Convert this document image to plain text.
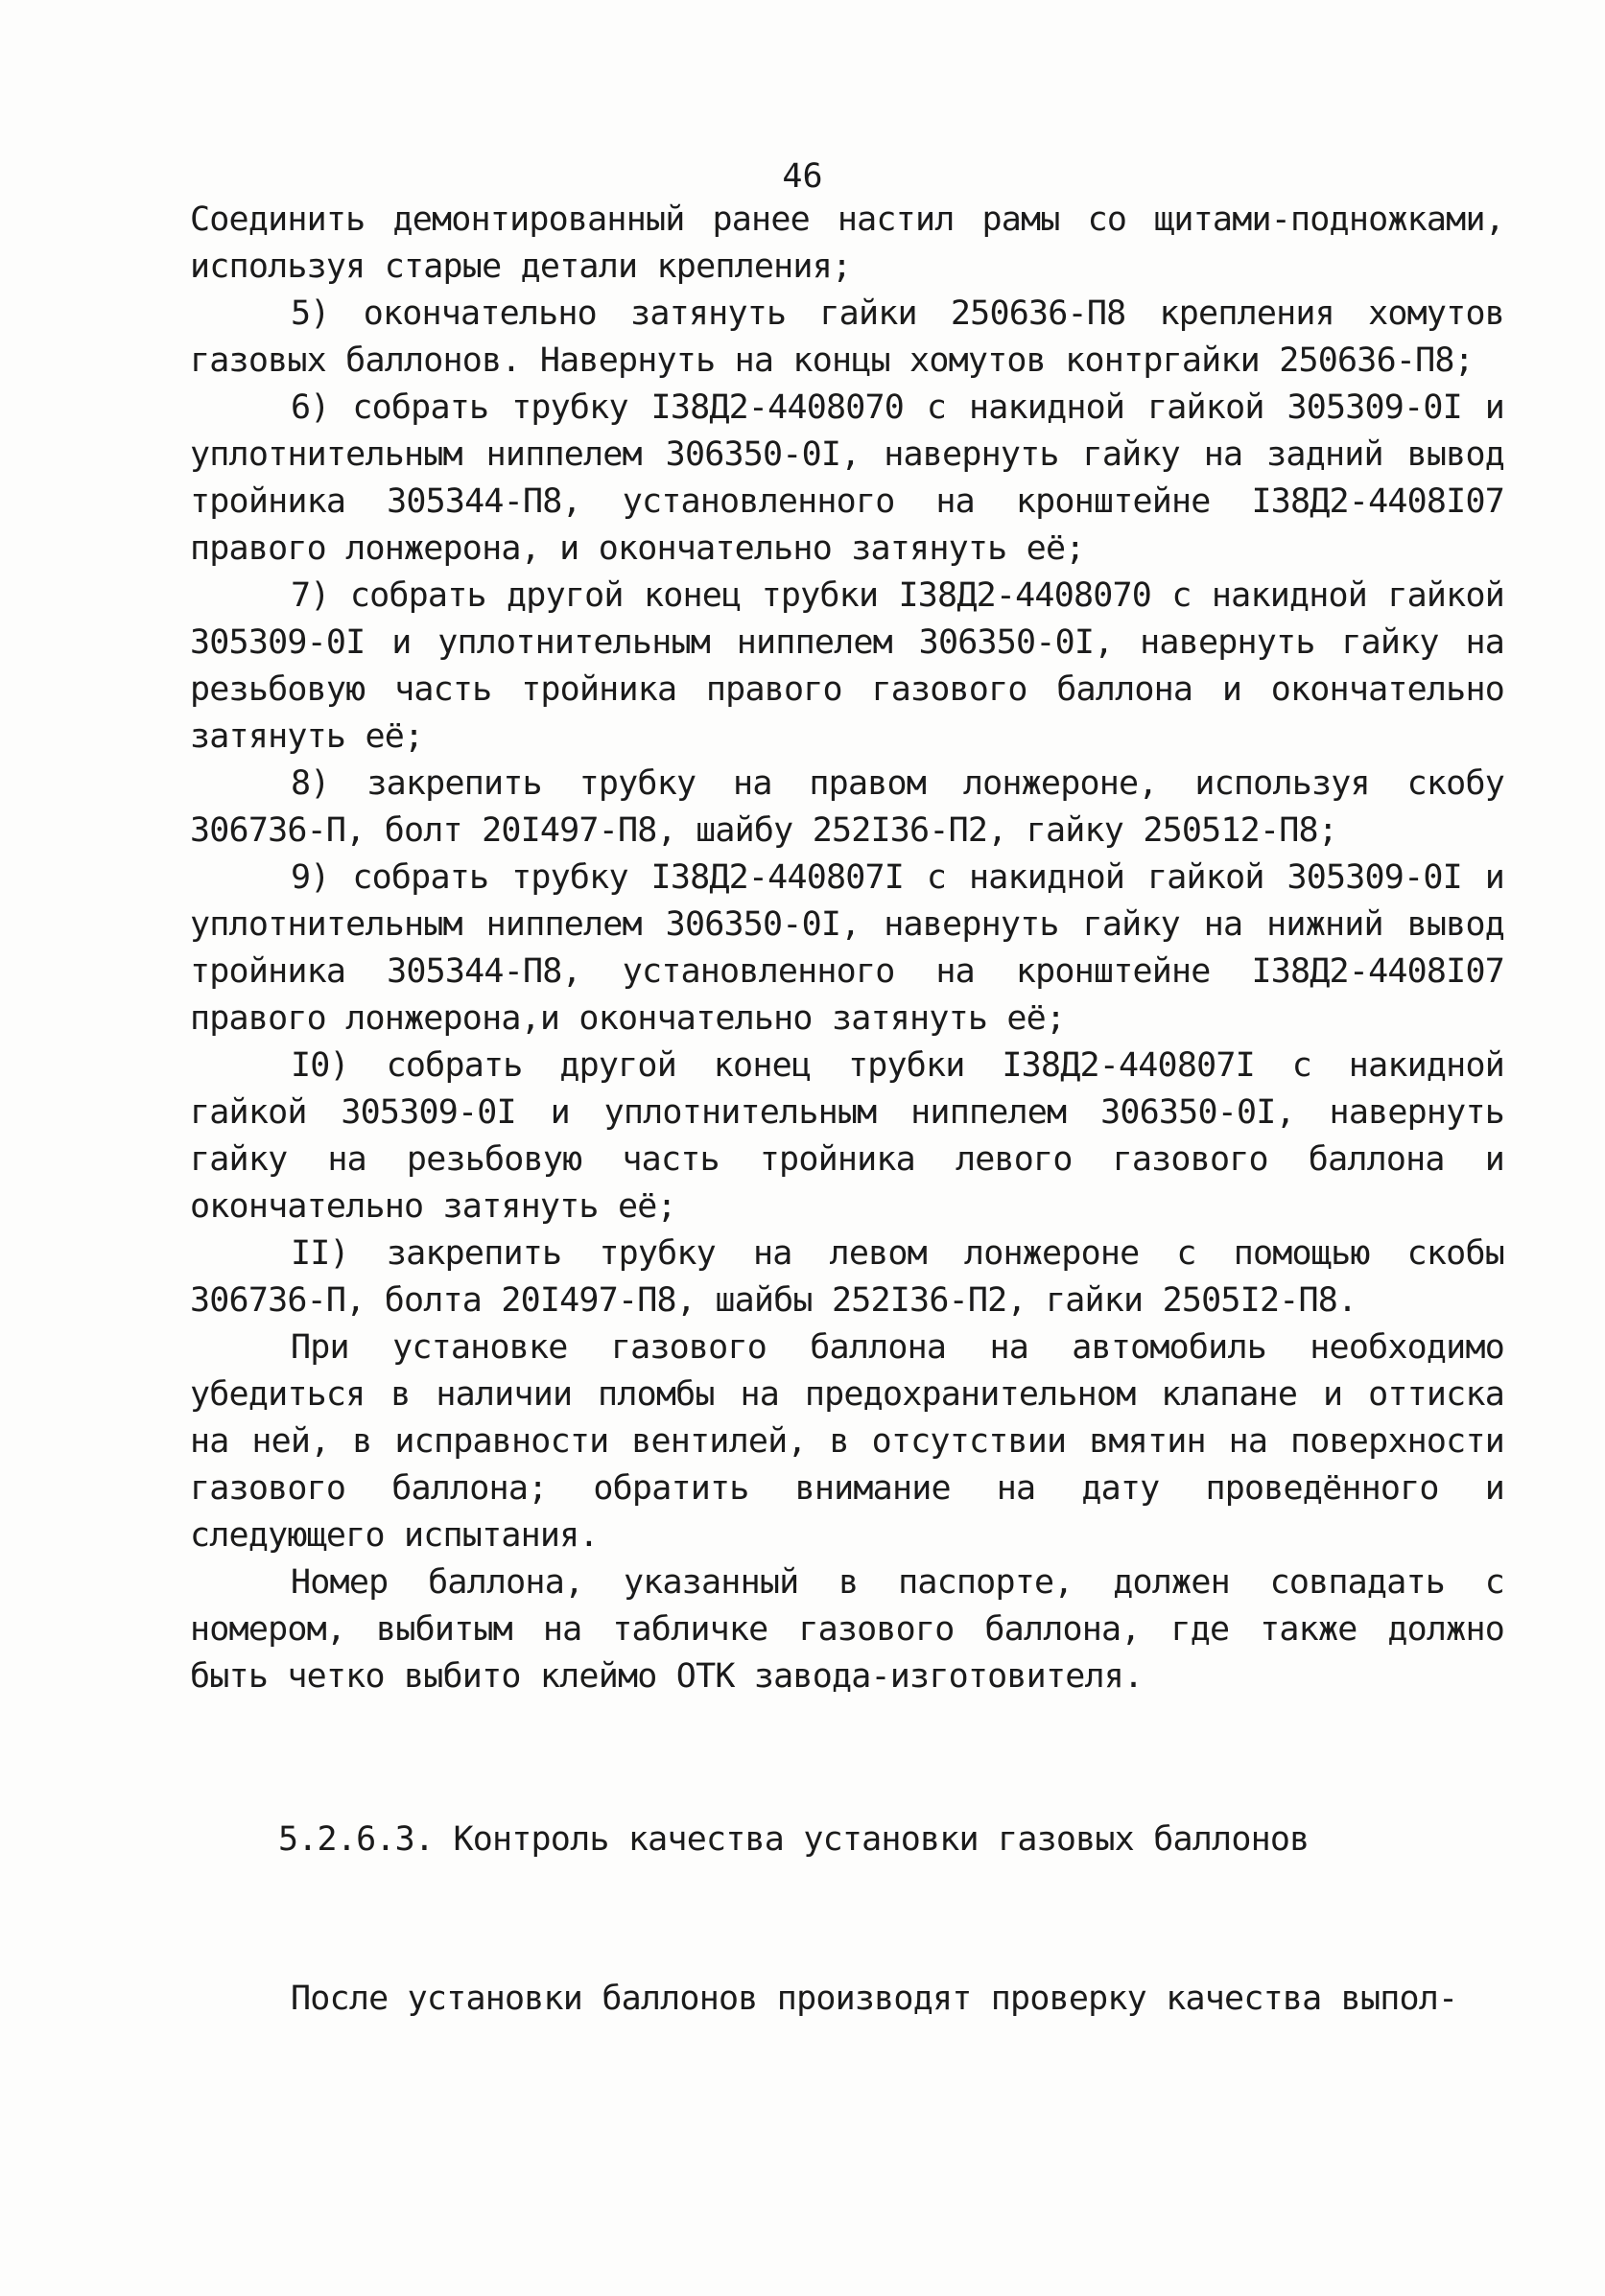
46

Соединить демонтированный ранее настил рамы со щитами-подножками, используя старые детали крепления;

5) окончательно затянуть гайки 250636-П8 крепления хомутов газовых баллонов. Навернуть на концы хомутов контргайки 250636-П8;

6) собрать трубку I38Д2-4408070 с накидной гайкой 305309-0I и уплотнительным ниппелем 306350-0I, навернуть гайку на задний вывод тройника 305344-П8, установленного на кронштейне I38Д2-4408I07 правого лонжерона, и окончательно затянуть её;

7) собрать другой конец трубки I38Д2-4408070 с накидной гайкой 305309-0I и уплотнительным ниппелем 306350-0I, навернуть гайку на резьбовую часть тройника правого газового баллона и окончательно затянуть её;

8) закрепить трубку на правом лонжероне, используя скобу 306736-П, болт 20I497-П8, шайбу 252I36-П2, гайку 250512-П8;

9) собрать трубку I38Д2-440807I с накидной гайкой 305309-0I и уплотнительным ниппелем 306350-0I, навернуть гайку на нижний вывод тройника 305344-П8, установленного на кронштейне I38Д2-4408I07 правого лонжерона,и окончательно затянуть её;

I0) собрать другой конец трубки I38Д2-440807I с накидной гайкой 305309-0I и уплотнительным ниппелем 306350-0I, навернуть гайку на резьбовую часть тройника левого газового баллона и окончательно затянуть её;

II) закрепить трубку на левом лонжероне с помощью скобы 306736-П, болта 20I497-П8, шайбы 252I36-П2, гайки 2505I2-П8.

При установке газового баллона на автомобиль необходимо убедиться в наличии пломбы на предохранительном клапане и оттиска на ней, в исправности вентилей, в отсутствии вмятин на поверхности газового баллона; обратить внимание на дату проведённого и следующего испытания.

Номер баллона, указанный в паспорте, должен совпадать с номером, выбитым на табличке газового баллона, где также должно быть четко выбито клеймо ОТК завода-изготовителя.

5.2.6.3. Контроль качества установки газовых баллонов
После установки баллонов производят проверку качества выпол-
